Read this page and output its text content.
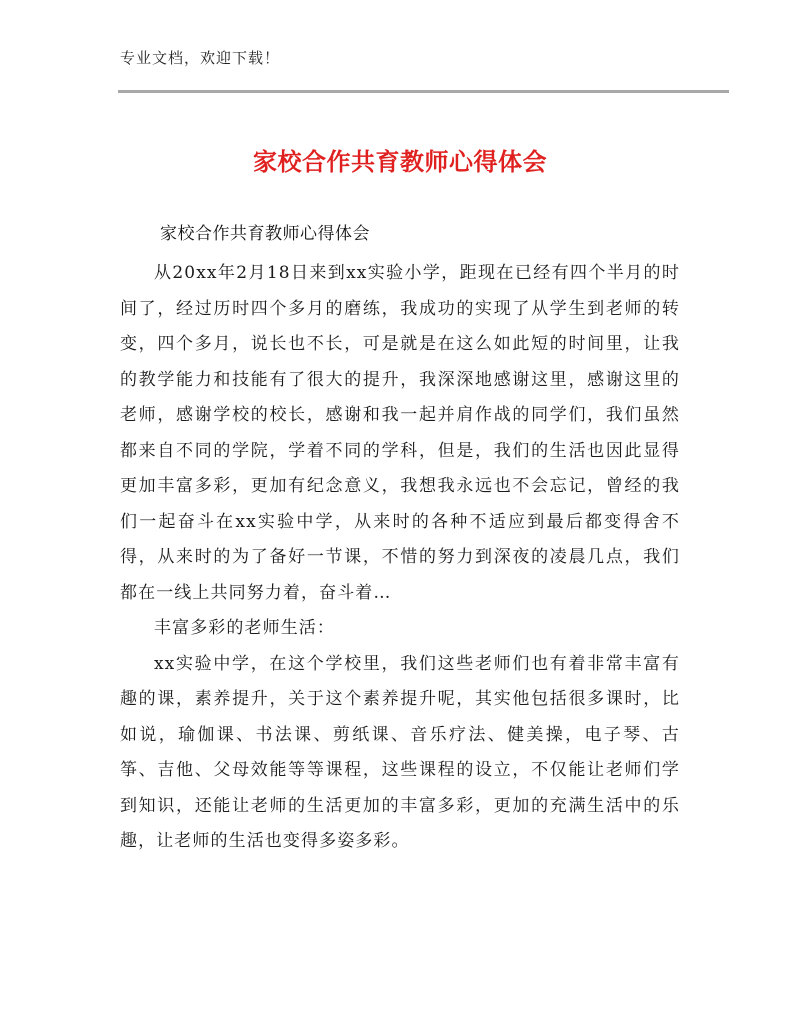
专业文档，欢迎下载！
家校合作共育教师心得体会
家校合作共育教师心得体会

从20xx年2月18日来到xx实验小学，距现在已经有四个半月的时间了，经过历时四个多月的磨练，我成功的实现了从学生到老师的转变，四个多月，说长也不长，可是就是在这么如此短的时间里，让我的教学能力和技能有了很大的提升，我深深地感谢这里，感谢这里的老师，感谢学校的校长，感谢和我一起并肩作战的同学们，我们虽然都来自不同的学院，学着不同的学科，但是，我们的生活也因此显得更加丰富多彩，更加有纪念意义，我想我永远也不会忘记，曾经的我们一起奋斗在xx实验中学，从来时的各种不适应到最后都变得舍不得，从来时的为了备好一节课，不惜的努力到深夜的凌晨几点，我们都在一线上共同努力着，奋斗着…

丰富多彩的老师生活：

xx实验中学，在这个学校里，我们这些老师们也有着非常丰富有趣的课，素养提升，关于这个素养提升呢，其实他包括很多课时，比如说，瑜伽课、书法课、剪纸课、音乐疗法、健美操，电子琴、古筝、吉他、父母效能等等课程，这些课程的设立，不仅能让老师们学到知识，还能让老师的生活更加的丰富多彩，更加的充满生活中的乐趣，让老师的生活也变得多姿多彩。
